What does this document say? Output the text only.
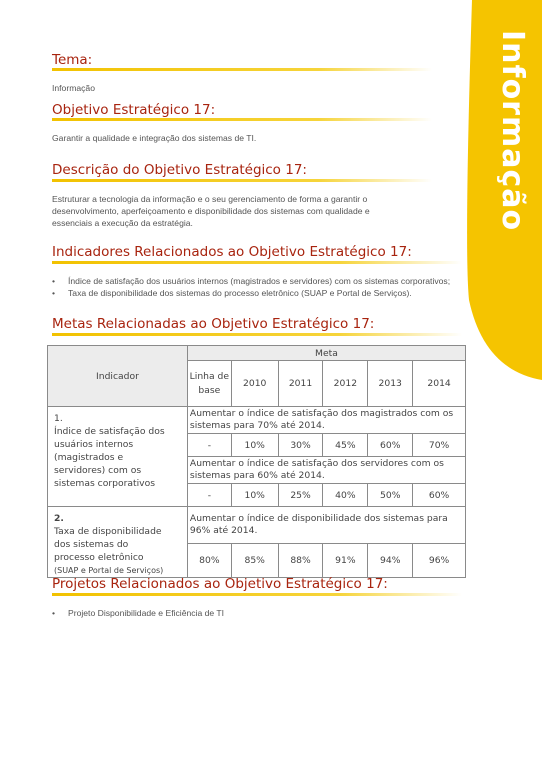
Informação
Tema:
Informação
Objetivo Estratégico 17:
Garantir a qualidade e integração dos sistemas de TI.
Descrição do Objetivo Estratégico 17:
Estruturar a tecnologia da informação e o seu gerenciamento de forma a garantir o desenvolvimento, aperfeiçoamento e disponibilidade dos sistemas com qualidade e essenciais a execução da estratégia.
Indicadores Relacionados ao Objetivo Estratégico 17:
• Índice de satisfação dos usuários internos (magistrados e servidores) com os sistemas corporativos;
• Taxa de disponibilidade dos sistemas do processo eletrônico (SUAP e Portal de Serviços).
Metas Relacionadas ao Objetivo Estratégico 17:
Indicador	Meta					
	Linha de base	2010	2011	2012	2013	2014
1.Índice de satisfação dos usuários internos (magistrados e servidores) com os sistemas corporativos	Aumentar o índice de satisfação dos magistrados com os sistemas para 70% até 2014.					
	-	10%	30%	45%	60%	70%
	Aumentar o índice de satisfação dos servidores com os sistemas para 60% até 2014.					
	-	10%	25%	40%	50%	60%
2.Taxa de disponibilidade dos sistemas do processo eletrônico
(SUAP e Portal de Serviços)	Aumentar o índice de disponibilidade dos sistemas para 96% até 2014.					
	80%	85%	88%	91%	94%	96%
Projetos Relacionados ao Objetivo Estratégico 17:
• Projeto Disponibilidade e Eficiência de TI
